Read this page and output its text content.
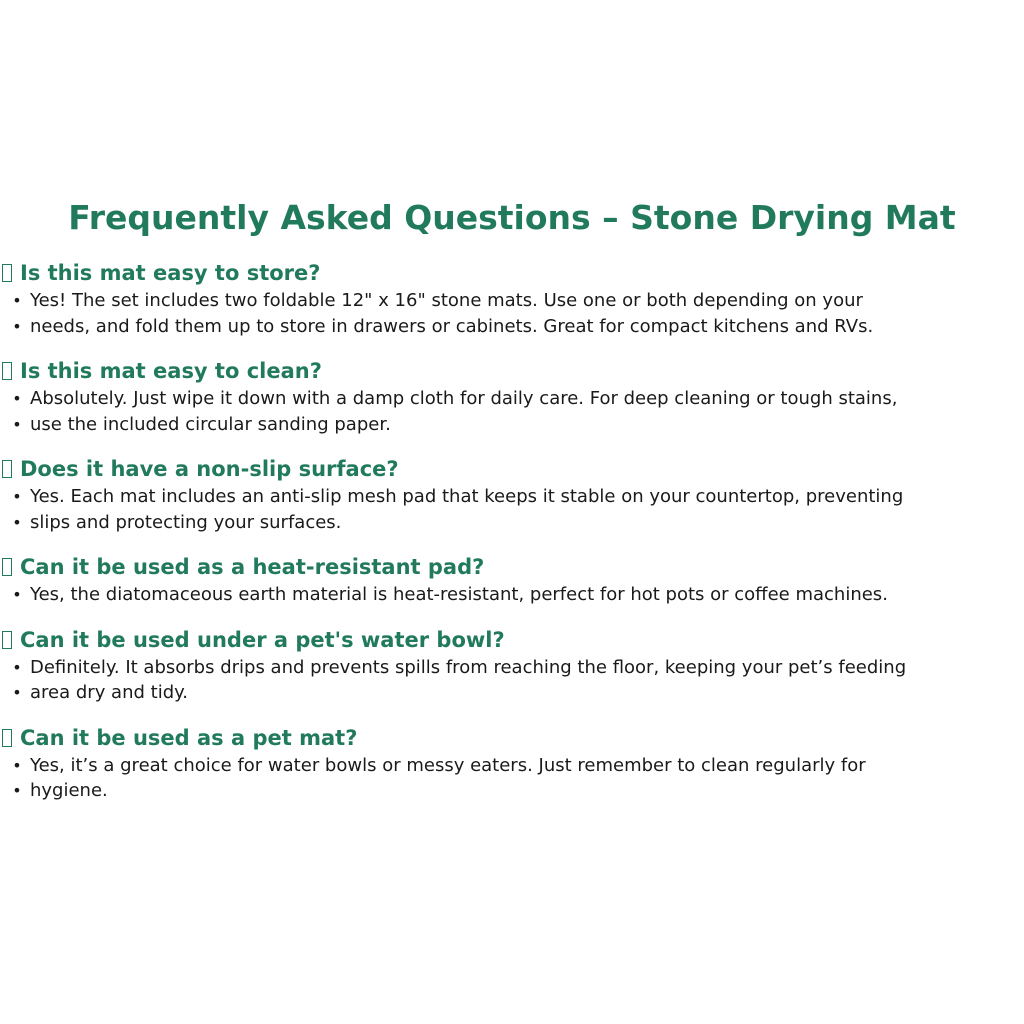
Frequently Asked Questions – Stone Drying Mat
Is this mat easy to store?
• Yes! The set includes two foldable 12" x 16" stone mats. Use one or both depending on your
• needs, and fold them up to store in drawers or cabinets. Great for compact kitchens and RVs.
Is this mat easy to clean?
• Absolutely. Just wipe it down with a damp cloth for daily care. For deep cleaning or tough stains,
• use the included circular sanding paper.
Does it have a non-slip surface?
• Yes. Each mat includes an anti-slip mesh pad that keeps it stable on your countertop, preventing
• slips and protecting your surfaces.
Can it be used as a heat-resistant pad?
• Yes, the diatomaceous earth material is heat-resistant, perfect for hot pots or coffee machines.
Can it be used under a pet's water bowl?
• Definitely. It absorbs drips and prevents spills from reaching the floor, keeping your pet’s feeding
• area dry and tidy.
Can it be used as a pet mat?
• Yes, it’s a great choice for water bowls or messy eaters. Just remember to clean regularly for
• hygiene.
